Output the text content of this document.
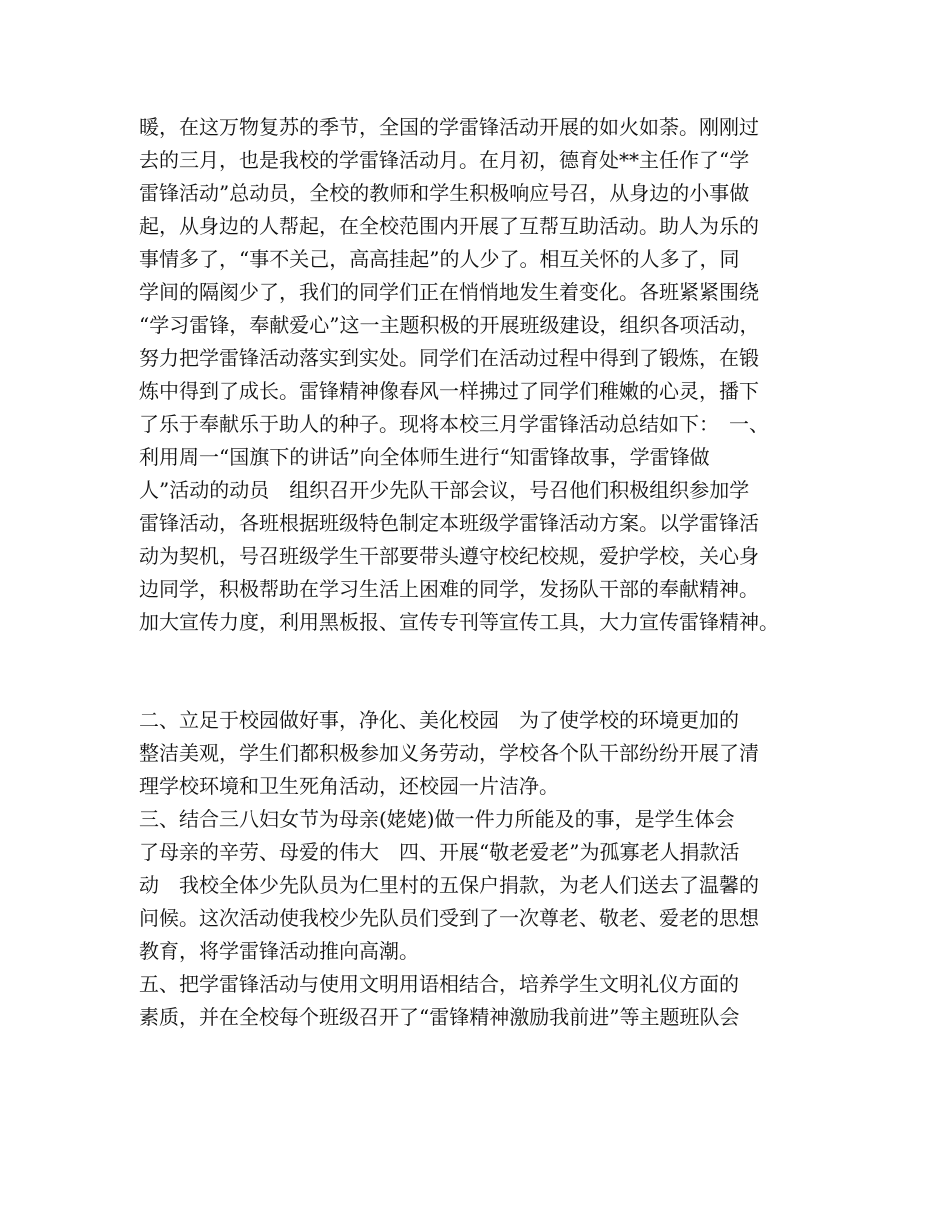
暖，在这万物复苏的季节，全国的学雷锋活动开展的如火如荼。刚刚过
去的三月，也是我校的学雷锋活动月。在月初，德育处**主任作了“学
雷锋活动”总动员，全校的教师和学生积极响应号召，从身边的小事做
起，从身边的人帮起，在全校范围内开展了互帮互助活动。助人为乐的
事情多了，“事不关己，高高挂起”的人少了。相互关怀的人多了，同
学间的隔阂少了，我们的同学们正在悄悄地发生着变化。各班紧紧围绕
“学习雷锋，奉献爱心”这一主题积极的开展班级建设，组织各项活动，
努力把学雷锋活动落实到实处。同学们在活动过程中得到了锻炼，在锻
炼中得到了成长。雷锋精神像春风一样拂过了同学们稚嫩的心灵，播下
了乐于奉献乐于助人的种子。现将本校三月学雷锋活动总结如下：　一、
利用周一“国旗下的讲话”向全体师生进行“知雷锋故事，学雷锋做
人”活动的动员　组织召开少先队干部会议，号召他们积极组织参加学
雷锋活动，各班根据班级特色制定本班级学雷锋活动方案。以学雷锋活
动为契机，号召班级学生干部要带头遵守校纪校规，爱护学校，关心身
边同学，积极帮助在学习生活上困难的同学，发扬队干部的奉献精神。
加大宣传力度，利用黑板报、宣传专刊等宣传工具，大力宣传雷锋精神。
二、立足于校园做好事，净化、美化校园　为了使学校的环境更加的
整洁美观，学生们都积极参加义务劳动，学校各个队干部纷纷开展了清
理学校环境和卫生死角活动，还校园一片洁净。
三、结合三八妇女节为母亲(姥姥)做一件力所能及的事，是学生体会
了母亲的辛劳、母爱的伟大　四、开展“敬老爱老”为孤寡老人捐款活
动　我校全体少先队员为仁里村的五保户捐款，为老人们送去了温馨的
问候。这次活动使我校少先队员们受到了一次尊老、敬老、爱老的思想
教育，将学雷锋活动推向高潮。
五、把学雷锋活动与使用文明用语相结合，培养学生文明礼仪方面的
素质，并在全校每个班级召开了“雷锋精神激励我前进”等主题班队会
